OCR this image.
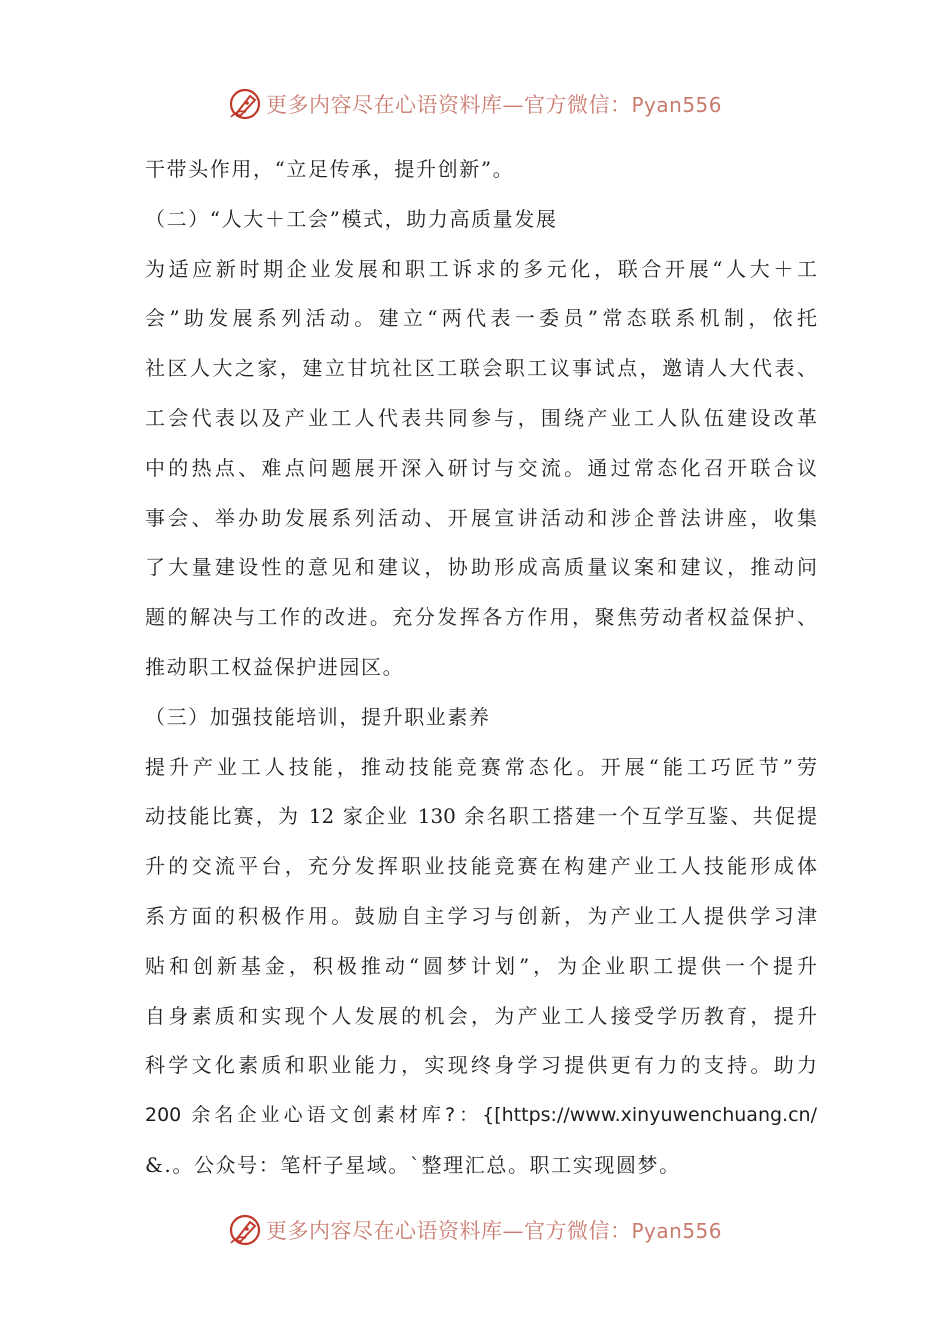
更多内容尽在心语资料库—官方微信：Pyan556
干带头作用，“立足传承，提升创新”。
（二）“人大＋工会”模式，助力高质量发展
为适应新时期企业发展和职工诉求的多元化，联合开展“人大＋工
会”助发展系列活动。建立“两代表一委员”常态联系机制，依托
社区人大之家，建立甘坑社区工联会职工议事试点，邀请人大代表、
工会代表以及产业工人代表共同参与，围绕产业工人队伍建设改革
中的热点、难点问题展开深入研讨与交流。通过常态化召开联合议
事会、举办助发展系列活动、开展宣讲活动和涉企普法讲座，收集
了大量建设性的意见和建议，协助形成高质量议案和建议，推动问
题的解决与工作的改进。充分发挥各方作用，聚焦劳动者权益保护、
推动职工权益保护进园区。
（三）加强技能培训，提升职业素养
提升产业工人技能，推动技能竞赛常态化。开展“能工巧匠节”劳
动技能比赛，为 12 家企业 130 余名职工搭建一个互学互鉴、共促提
升的交流平台，充分发挥职业技能竞赛在构建产业工人技能形成体
系方面的积极作用。鼓励自主学习与创新，为产业工人提供学习津
贴和创新基金，积极推动“圆梦计划”，为企业职工提供一个提升
自身素质和实现个人发展的机会，为产业工人接受学历教育，提升
科学文化素质和职业能力，实现终身学习提供更有力的支持。助力
200 余名企业心语文创素材库?：{[https://www.xinyuwenchuang.cn/
&.。公众号：笔杆子星域。`整理汇总。职工实现圆梦。
更多内容尽在心语资料库—官方微信：Pyan556
